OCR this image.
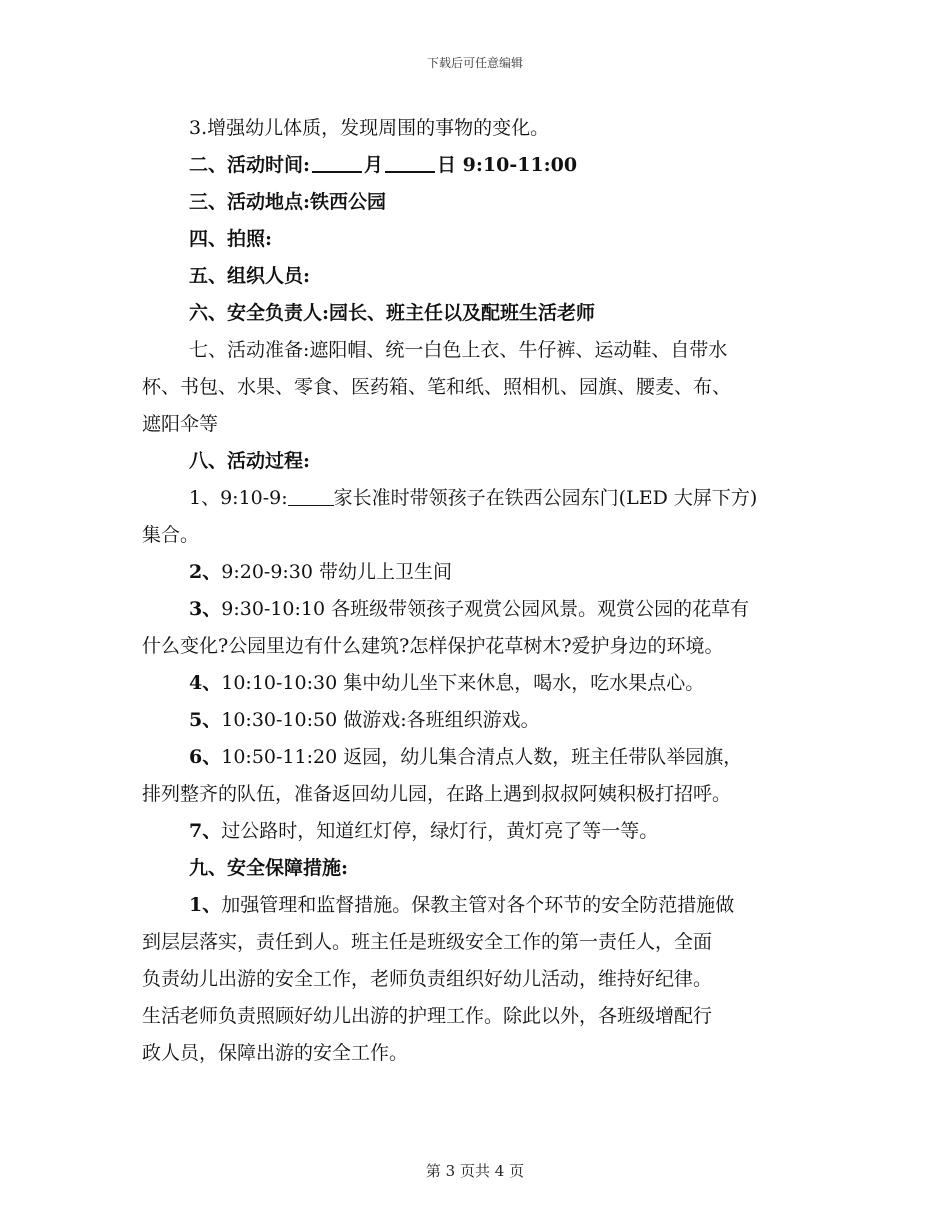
下载后可任意编辑
3.增强幼儿体质，发现周围的事物的变化。
二、活动时间:	月	日 9:10-11:00
三、活动地点:铁西公园
四、拍照:
五、组织人员:
六、安全负责人:园长、班主任以及配班生活老师
七、活动准备:遮阳帽、统一白色上衣、牛仔裤、运动鞋、自带水
杯、书包、水果、零食、医药箱、笔和纸、照相机、园旗、腰麦、布、
遮阳伞等
八、活动过程:
1、9:10-9: 家长准时带领孩子在铁西公园东门(LED 大屏下方)
集合。
2、9:20-9:30 带幼儿上卫生间
3、9:30-10:10 各班级带领孩子观赏公园风景。观赏公园的花草有
什么变化?公园里边有什么建筑?怎样保护花草树木?爱护身边的环境。
4、10:10-10:30 集中幼儿坐下来休息，喝水，吃水果点心。
5、10:30-10:50 做游戏:各班组织游戏。
6、10:50-11:20 返园，幼儿集合清点人数，班主任带队举园旗，
排列整齐的队伍，准备返回幼儿园，在路上遇到叔叔阿姨积极打招呼。
7、过公路时，知道红灯停，绿灯行，黄灯亮了等一等。
九、安全保障措施:
1、加强管理和监督措施。保教主管对各个环节的安全防范措施做
到层层落实，责任到人。班主任是班级安全工作的第一责任人，全面
负责幼儿出游的安全工作，老师负责组织好幼儿活动，维持好纪律。
生活老师负责照顾好幼儿出游的护理工作。除此以外，各班级增配行
政人员，保障出游的安全工作。
第 3 页共 4 页
